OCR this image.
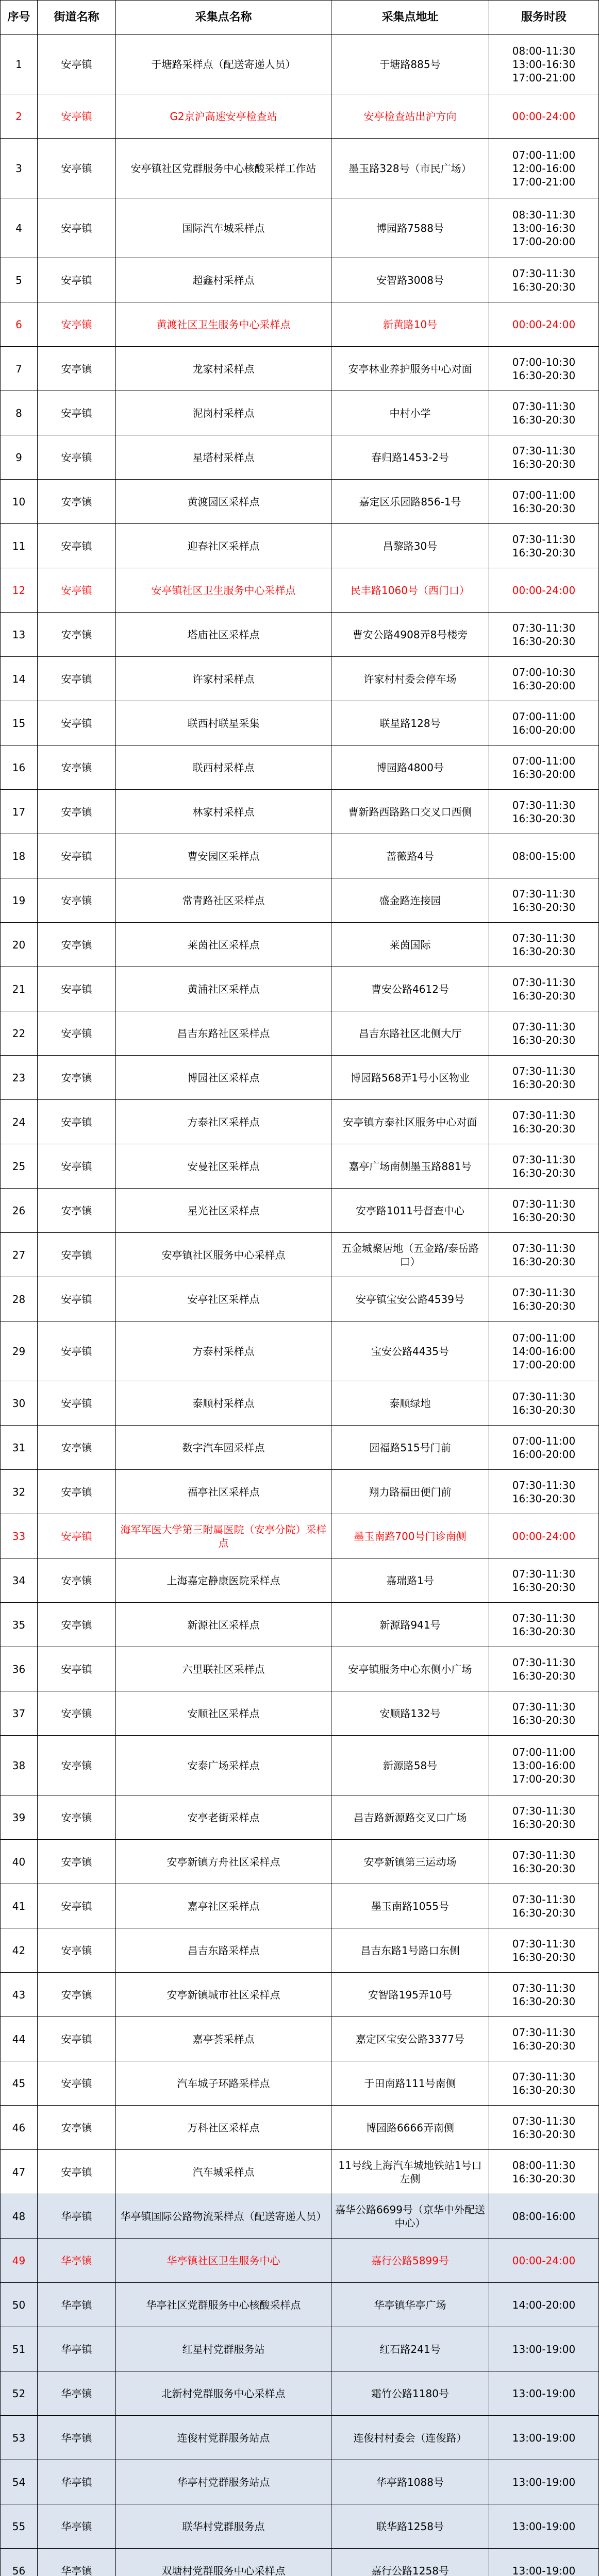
序号	街道名称	采集点名称	采集点地址	服务时段
1	安亭镇	于塘路采样点（配送寄递人员）	于塘路885号	08:00-11:30
13:00-16:30
17:00-21:00

2	安亭镇	G2京沪高速安亭检查站	安亭检查站出沪方向	00:00-24:00

3	安亭镇	安亭镇社区党群服务中心核酸采样工作站	墨玉路328号（市民广场）	07:00-11:00
12:00-16:00
17:00-21:00

4	安亭镇	国际汽车城采样点	博园路7588号	08:30-11:30
13:00-16:30
17:00-20:00

5	安亭镇	超鑫村采样点	安智路3008号	07:30-11:30
16:30-20:30

6	安亭镇	黄渡社区卫生服务中心采样点	新黄路10号	00:00-24:00

7	安亭镇	龙家村采样点	安亭林业养护服务中心对面	07:00-10:30
16:30-20:30

8	安亭镇	泥岗村采样点	中村小学	07:30-11:30
16:30-20:30

9	安亭镇	星塔村采样点	春归路1453-2号	07:30-11:30
16:30-20:30

10	安亭镇	黄渡园区采样点	嘉定区乐园路856-1号	07:00-11:00
16:30-20:30

11	安亭镇	迎春社区采样点	昌黎路30号	07:30-11:30
16:30-20:30

12	安亭镇	安亭镇社区卫生服务中心采样点	民丰路1060号（西门口）	00:00-24:00

13	安亭镇	塔庙社区采样点	曹安公路4908弄8号楼旁	07:30-11:30
16:30-20:30

14	安亭镇	许家村采样点	许家村村委会停车场	07:00-10:30
16:30-20:00

15	安亭镇	联西村联星采集	联星路128号	07:00-11:00
16:00-20:00

16	安亭镇	联西村采样点	博园路4800号	07:00-11:00
16:30-20:00

17	安亭镇	林家村采样点	曹新路西路路口交叉口西侧	07:30-11:30
16:30-20:30

18	安亭镇	曹安园区采样点	蔷薇路4号	08:00-15:00

19	安亭镇	常青路社区采样点	盛金路连接园	07:30-11:30
16:30-20:30

20	安亭镇	莱茵社区采样点	莱茵国际	07:30-11:30
16:30-20:30

21	安亭镇	黄浦社区采样点	曹安公路4612号	07:30-11:30
16:30-20:30

22	安亭镇	昌吉东路社区采样点	昌吉东路社区北侧大厅	07:30-11:30
16:30-20:30

23	安亭镇	博园社区采样点	博园路568弄1号小区物业	07:30-11:30
16:30-20:30

24	安亭镇	方泰社区采样点	安亭镇方泰社区服务中心对面	07:30-11:30
16:30-20:30

25	安亭镇	安曼社区采样点	嘉亭广场南侧墨玉路881号	07:30-11:30
16:30-20:30

26	安亭镇	星光社区采样点	安亭路1011号督查中心	07:30-11:30
16:30-20:30

27	安亭镇	安亭镇社区服务中心采样点	五金城聚居地（五金路/泰岳路口）	07:30-11:30
16:30-20:30

28	安亭镇	安亭社区采样点	安亭镇宝安公路4539号	07:30-11:30
16:30-20:30

29	安亭镇	方泰村采样点	宝安公路4435号	07:00-11:00
14:00-16:00
17:00-20:00

30	安亭镇	泰顺村采样点	泰顺绿地	07:30-11:30
16:30-20:30

31	安亭镇	数字汽车园采样点	园福路515号门前	07:00-11:00
16:00-20:00

32	安亭镇	福亭社区采样点	翔力路福田便门前	07:30-11:30
16:30-20:30

33	安亭镇	海军军医大学第三附属医院（安亭分院）采样点	墨玉南路700号门诊南侧	00:00-24:00

34	安亭镇	上海嘉定静康医院采样点	嘉瑞路1号	07:30-11:30
16:30-20:30

35	安亭镇	新源社区采样点	新源路941号	07:30-11:30
16:30-20:30

36	安亭镇	六里联社区采样点	安亭镇服务中心东侧小广场	07:30-11:30
16:30-20:30

37	安亭镇	安顺社区采样点	安顺路132号	07:30-11:30
16:30-20:30

38	安亭镇	安泰广场采样点	新源路58号	07:00-11:00
13:00-16:00
17:00-20:30

39	安亭镇	安亭老街采样点	昌吉路新源路交叉口广场	07:30-11:30
16:30-20:30

40	安亭镇	安亭新镇方舟社区采样点	安亭新镇第三运动场	07:30-11:30
16:30-20:30

41	安亭镇	嘉亭社区采样点	墨玉南路1055号	07:30-11:30
16:30-20:30

42	安亭镇	昌吉东路采样点	昌吉东路1号路口东侧	07:30-11:30
16:30-20:30

43	安亭镇	安亭新镇城市社区采样点	安智路195弄10号	07:30-11:30
16:30-20:30

44	安亭镇	嘉亭荟采样点	嘉定区宝安公路3377号	07:30-11:30
16:30-20:30

45	安亭镇	汽车城子环路采样点	于田南路111号南侧	07:30-11:30
16:30-20:30

46	安亭镇	万科社区采样点	博园路6666弄南侧	07:30-11:30
16:30-20:30

47	安亭镇	汽车城采样点	11号线上海汽车城地铁站1号口左侧	08:00-11:30
16:30-20:30

48	华亭镇	华亭镇国际公路物流采样点（配送寄递人员）	嘉华公路6699号（京华中外配送中心）	08:00-16:00

49	华亭镇	华亭镇社区卫生服务中心	嘉行公路5899号	00:00-24:00

50	华亭镇	华亭社区党群服务中心核酸采样点	华亭镇华亭广场	14:00-20:00

51	华亭镇	红星村党群服务站	红石路241号	13:00-19:00

52	华亭镇	北新村党群服务中心采样点	霜竹公路1180号	13:00-19:00

53	华亭镇	连俊村党群服务站点	连俊村村委会（连俊路）	13:00-19:00

54	华亭镇	华亭村党群服务站点	华亭路1088号	13:00-19:00

55	华亭镇	联华村党群服务点	联华路1258号	13:00-19:00

56	华亭镇	双塘村党群服务中心采样点	嘉行公路1258号	13:00-19:00
